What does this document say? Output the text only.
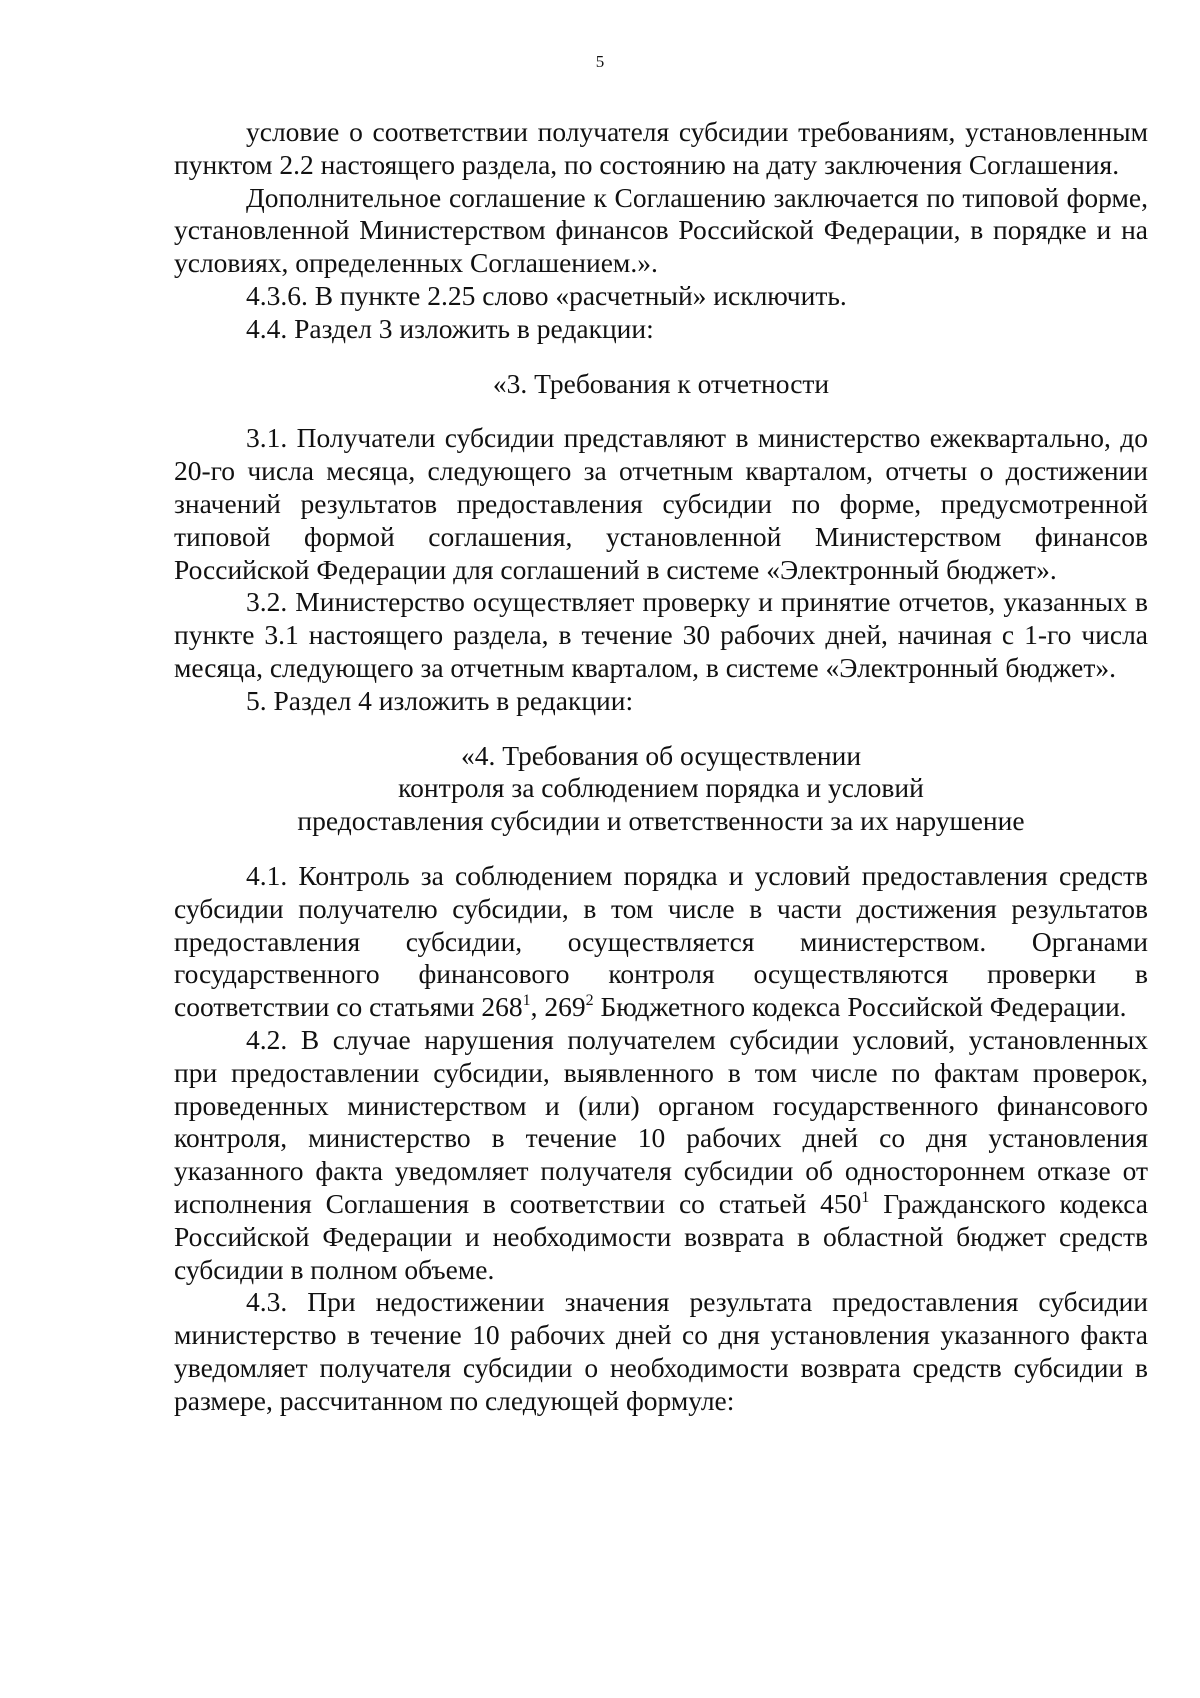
5

условие о соответствии получателя субсидии требованиям, установленным пунктом 2.2 настоящего раздела, по состоянию на дату заключения Соглашения.

Дополнительное соглашение к Соглашению заключается по типовой форме, установленной Министерством финансов Российской Федерации, в порядке и на условиях, определенных Соглашением.».

4.3.6. В пункте 2.25 слово «расчетный» исключить.

4.4. Раздел 3 изложить в редакции:

«3. Требования к отчетности

3.1. Получатели субсидии представляют в министерство ежеквартально, до 20-го числа месяца, следующего за отчетным кварталом, отчеты о достижении значений результатов предоставления субсидии по форме, предусмотренной типовой формой соглашения, установленной Министерством финансов Российской Федерации для соглашений в системе «Электронный бюджет».

3.2. Министерство осуществляет проверку и принятие отчетов, указанных в пункте 3.1 настоящего раздела, в течение 30 рабочих дней, начиная с 1-го числа месяца, следующего за отчетным кварталом, в системе «Электронный бюджет».

5. Раздел 4 изложить в редакции:

«4. Требования об осуществлении
контроля за соблюдением порядка и условий
предоставления субсидии и ответственности за их нарушение

4.1. Контроль за соблюдением порядка и условий предоставления средств субсидии получателю субсидии, в том числе в части достижения результатов предоставления субсидии, осуществляется министерством. Органами государственного финансового контроля осуществляются проверки в соответствии со статьями $268^1$, $269^2$ Бюджетного кодекса Российской Федерации.

4.2. В случае нарушения получателем субсидии условий, установленных при предоставлении субсидии, выявленного в том числе по фактам проверок, проведенных министерством и (или) органом государственного финансового контроля, министерство в течение 10 рабочих дней со дня установления указанного факта уведомляет получателя субсидии об одностороннем отказе от исполнения Соглашения в соответствии со статьей $450^1$ Гражданского кодекса Российской Федерации и необходимости возврата в областной бюджет средств субсидии в полном объеме.

4.3. При недостижении значения результата предоставления субсидии министерство в течение 10 рабочих дней со дня установления указанного факта уведомляет получателя субсидии о необходимости возврата средств субсидии в размере, рассчитанном по следующей формуле:
